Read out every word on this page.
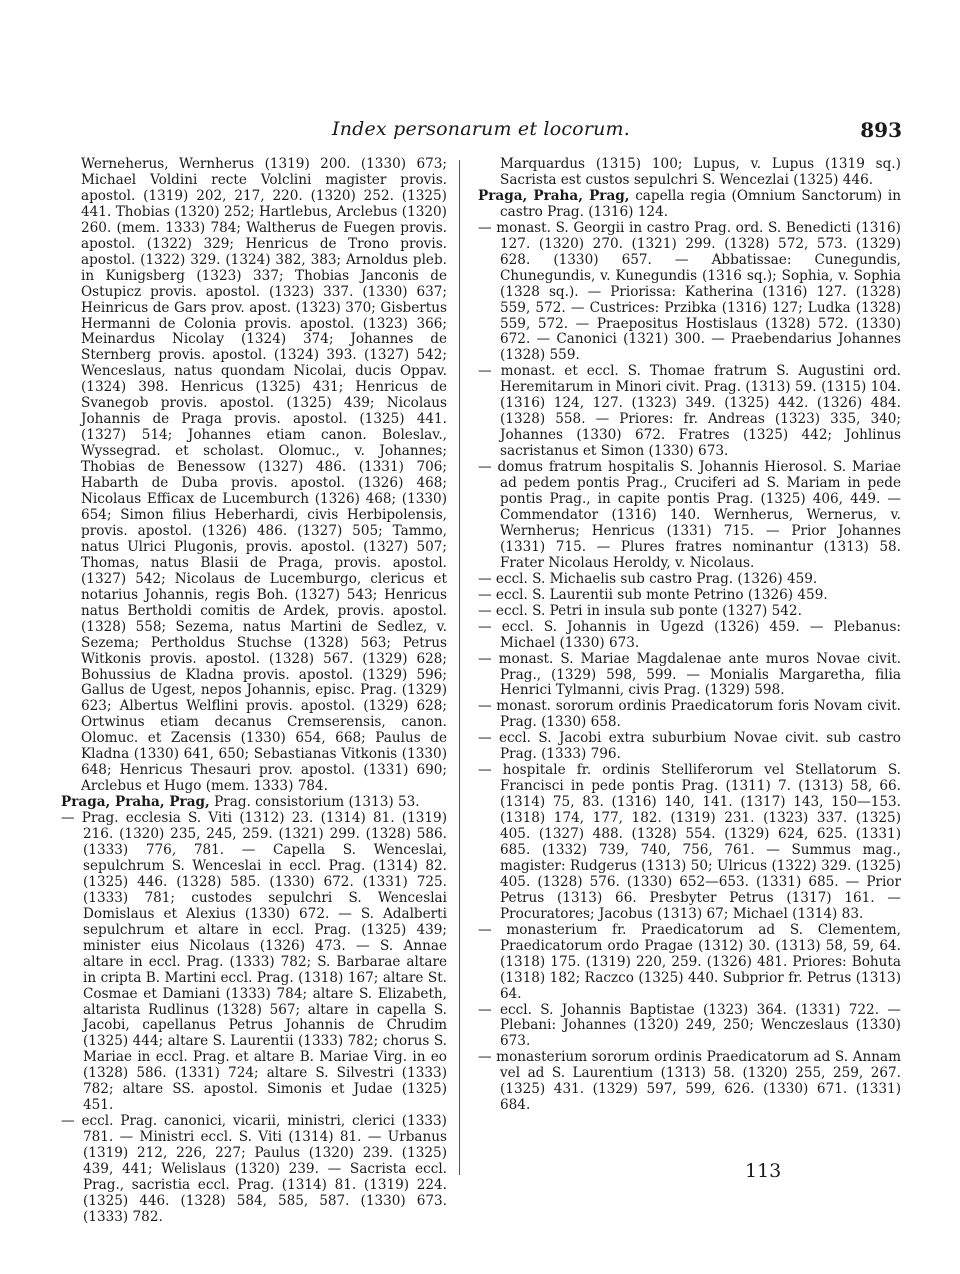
Index personarum et locorum.	893

Werneherus, Wernherus (1319) 200. (1330) 673; Michael Voldini recte Volclini magister provis. apostol. (1319) 202, 217, 220. (1320) 252. (1325) 441. Thobias (1320) 252; Hartlebus, Arclebus (1320) 260. (mem. 1333) 784; Waltherus de Fuegen provis. apostol. (1322) 329; Henricus de Trono provis. apostol. (1322) 329. (1324) 382, 383; Arnoldus pleb. in Kunigsberg (1323) 337; Thobias Janconis de Ostupicz provis. apostol. (1323) 337. (1330) 637; Heinricus de Gars prov. apost. (1323) 370; Gisbertus Hermanni de Colonia provis. apostol. (1323) 366; Meinardus Nicolay (1324) 374; Johannes de Sternberg provis. apostol. (1324) 393. (1327) 542; Wenceslaus, natus quondam Nicolai, ducis Oppav. (1324) 398. Henricus (1325) 431; Henricus de Svanegob provis. apostol. (1325) 439; Nicolaus Johannis de Praga provis. apostol. (1325) 441. (1327) 514; Johannes etiam canon. Boleslav., Wyssegrad. et scholast. Olomuc., v. Johannes; Thobias de Benessow (1327) 486. (1331) 706; Habarth de Duba provis. apostol. (1326) 468; Nicolaus Efficax de Lucemburch (1326) 468; (1330) 654; Simon filius Heberhardi, civis Herbipolensis, provis. apostol. (1326) 486. (1327) 505; Tammo, natus Ulrici Plugonis, provis. apostol. (1327) 507; Thomas, natus Blasii de Praga, provis. apostol. (1327) 542; Nicolaus de Lucemburgo, clericus et notarius Johannis, regis Boh. (1327) 543; Henricus natus Bertholdi comitis de Ardek, provis. apostol. (1328) 558; Sezema, natus Martini de Sedlez, v. Sezema; Pertholdus Stuchse (1328) 563; Petrus Witkonis provis. apostol. (1328) 567. (1329) 628; Bohussius de Kladna provis. apostol. (1329) 596; Gallus de Ugest, nepos Johannis, episc. Prag. (1329) 623; Albertus Welflini provis. apostol. (1329) 628; Ortwinus etiam decanus Cremserensis, canon. Olomuc. et Zacensis (1330) 654, 668; Paulus de Kladna (1330) 641, 650; Sebastianas Vitkonis (1330) 648; Henricus Thesauri prov. apostol. (1331) 690; Arclebus et Hugo (mem. 1333) 784.

Praga, Praha, Prag, Prag. consistorium (1313) 53.

— Prag. ecclesia S. Viti (1312) 23. (1314) 81. (1319) 216. (1320) 235, 245, 259. (1321) 299. (1328) 586. (1333) 776, 781. — Capella S. Wenceslai, sepulchrum S. Wenceslai in eccl. Prag. (1314) 82. (1325) 446. (1328) 585. (1330) 672. (1331) 725. (1333) 781; custodes sepulchri S. Wenceslai Domislaus et Alexius (1330) 672. — S. Adalberti sepulchrum et altare in eccl. Prag. (1325) 439; minister eius Nicolaus (1326) 473. — S. Annae altare in eccl. Prag. (1333) 782; S. Barbarae altare in cripta B. Martini eccl. Prag. (1318) 167; altare St. Cosmae et Damiani (1333) 784; altare S. Elizabeth, altarista Rudlinus (1328) 567; altare in capella S. Jacobi, capellanus Petrus Johannis de Chrudim (1325) 444; altare S. Laurentii (1333) 782; chorus S. Mariae in eccl. Prag. et altare B. Mariae Virg. in eo (1328) 586. (1331) 724; altare S. Silvestri (1333) 782; altare SS. apostol. Simonis et Judae (1325) 451.

— eccl. Prag. canonici, vicarii, ministri, clerici (1333) 781. — Ministri eccl. S. Viti (1314) 81. — Urbanus (1319) 212, 226, 227; Paulus (1320) 239. (1325) 439, 441; Welislaus (1320) 239. — Sacrista eccl. Prag., sacristia eccl. Prag. (1314) 81. (1319) 224. (1325) 446. (1328) 584, 585, 587. (1330) 673. (1333) 782.

Marquardus (1315) 100; Lupus, v. Lupus (1319 sq.) Sacrista est custos sepulchri S. Wencezlai (1325) 446.

Praga, Praha, Prag, capella regia (Omnium Sanctorum) in castro Prag. (1316) 124.

— monast. S. Georgii in castro Prag. ord. S. Benedicti (1316) 127. (1320) 270. (1321) 299. (1328) 572, 573. (1329) 628. (1330) 657. — Abbatissae: Cunegundis, Chunegundis, v. Kunegundis (1316 sq.); Sophia, v. Sophia (1328 sq.). — Priorissa: Katherina (1316) 127. (1328) 559, 572. — Custrices: Przibka (1316) 127; Ludka (1328) 559, 572. — Praepositus Hostislaus (1328) 572. (1330) 672. — Canonici (1321) 300. — Praebendarius Johannes (1328) 559.

— monast. et eccl. S. Thomae fratrum S. Augustini ord. Heremitarum in Minori civit. Prag. (1313) 59. (1315) 104. (1316) 124, 127. (1323) 349. (1325) 442. (1326) 484. (1328) 558. — Priores: fr. Andreas (1323) 335, 340; Johannes (1330) 672. Fratres (1325) 442; Johlinus sacristanus et Simon (1330) 673.

— domus fratrum hospitalis S. Johannis Hierosol. S. Mariae ad pedem pontis Prag., Cruciferi ad S. Mariam in pede pontis Prag., in capite pontis Prag. (1325) 406, 449. — Commendator (1316) 140. Wernherus, Wernerus, v. Wernherus; Henricus (1331) 715. — Prior Johannes (1331) 715. — Plures fratres nominantur (1313) 58. Frater Nicolaus Heroldy, v. Nicolaus.

— eccl. S. Michaelis sub castro Prag. (1326) 459.

— eccl. S. Laurentii sub monte Petrino (1326) 459.

— eccl. S. Petri in insula sub ponte (1327) 542.

— eccl. S. Johannis in Ugezd (1326) 459. — Plebanus: Michael (1330) 673.

— monast. S. Mariae Magdalenae ante muros Novae civit. Prag., (1329) 598, 599. — Monialis Margaretha, filia Henrici Tylmanni, civis Prag. (1329) 598.

— monast. sororum ordinis Praedicatorum foris Novam civit. Prag. (1330) 658.

— eccl. S. Jacobi extra suburbium Novae civit. sub castro Prag. (1333) 796.

— hospitale fr. ordinis Stelliferorum vel Stellatorum S. Francisci in pede pontis Prag. (1311) 7. (1313) 58, 66. (1314) 75, 83. (1316) 140, 141. (1317) 143, 150—153. (1318) 174, 177, 182. (1319) 231. (1323) 337. (1325) 405. (1327) 488. (1328) 554. (1329) 624, 625. (1331) 685. (1332) 739, 740, 756, 761. — Summus mag., magister: Rudgerus (1313) 50; Ulricus (1322) 329. (1325) 405. (1328) 576. (1330) 652—653. (1331) 685. — Prior Petrus (1313) 66. Presbyter Petrus (1317) 161. — Procuratores; Jacobus (1313) 67; Michael (1314) 83.

— monasterium fr. Praedicatorum ad S. Clementem, Praedicatorum ordo Pragae (1312) 30. (1313) 58, 59, 64. (1318) 175. (1319) 220, 259. (1326) 481. Priores: Bohuta (1318) 182; Raczco (1325) 440. Subprior fr. Petrus (1313) 64.

— eccl. S. Johannis Baptistae (1323) 364. (1331) 722. — Plebani: Johannes (1320) 249, 250; Wenczeslaus (1330) 673.

— monasterium sororum ordinis Praedicatorum ad S. Annam vel ad S. Laurentium (1313) 58. (1320) 255, 259, 267. (1325) 431. (1329) 597, 599, 626. (1330) 671. (1331) 684.

113
